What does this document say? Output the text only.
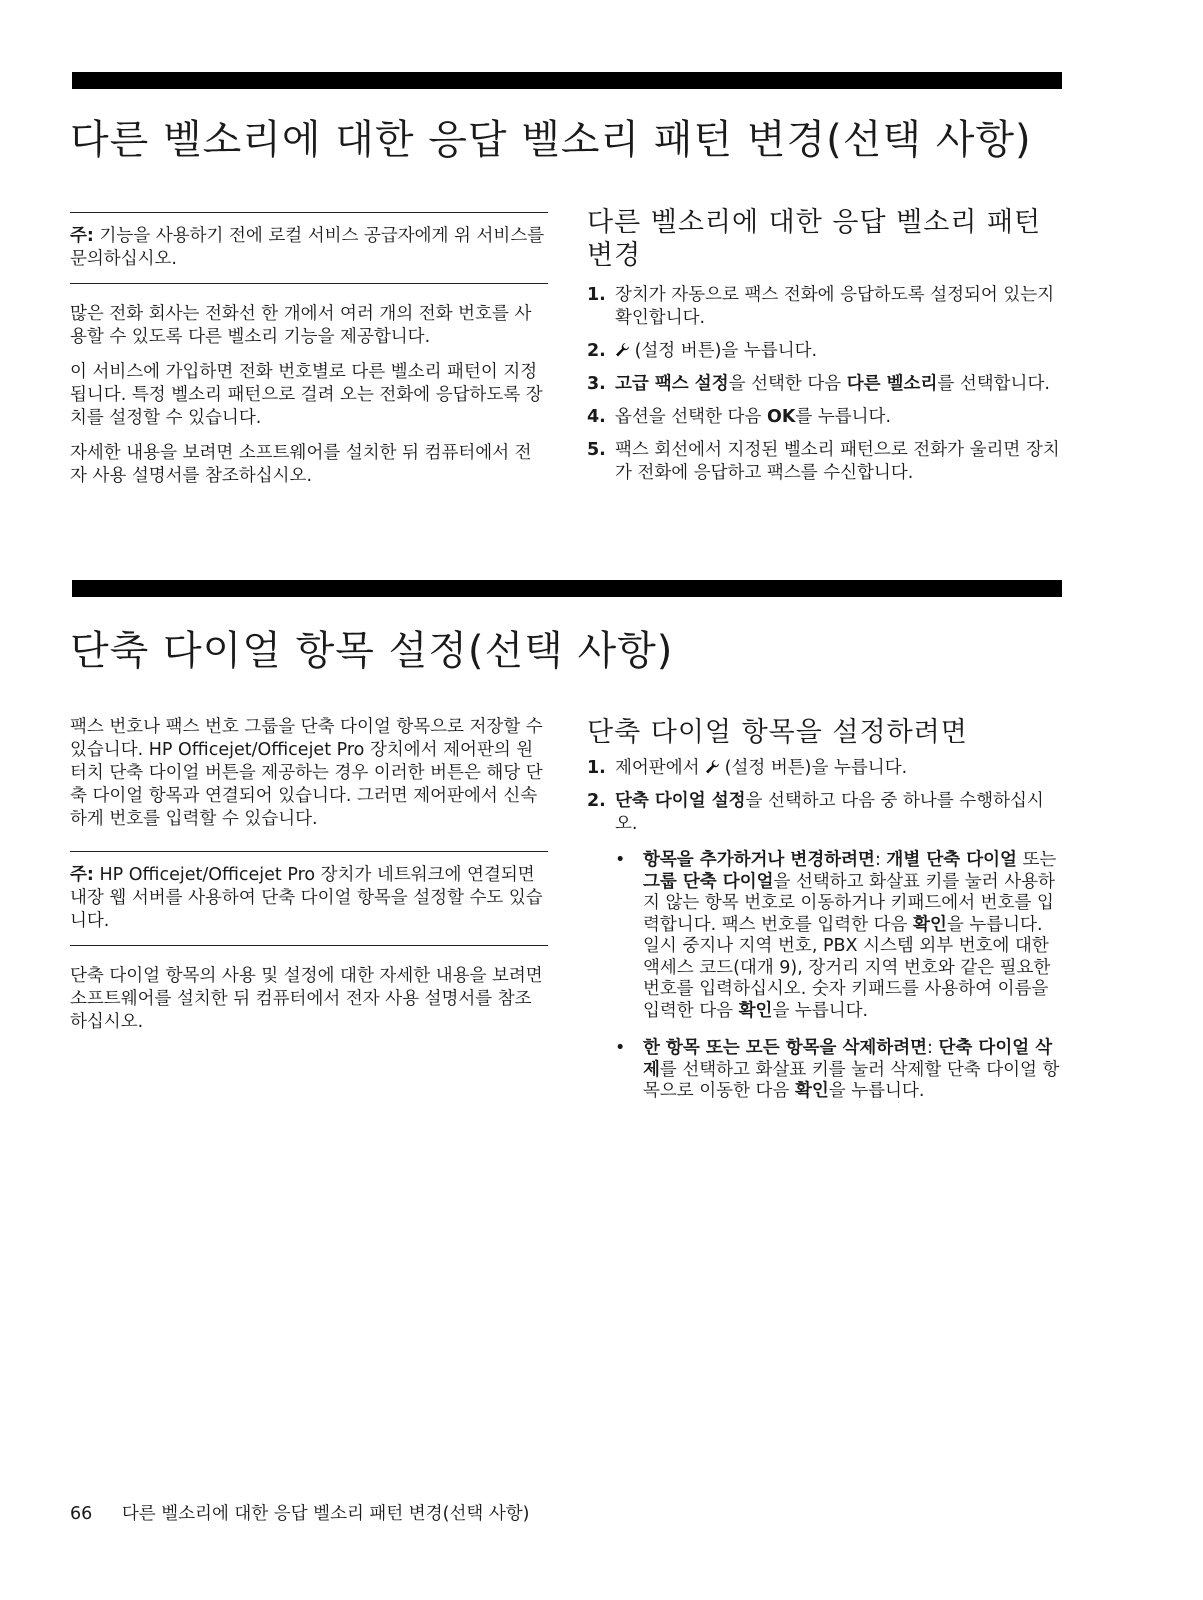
다른 벨소리에 대한 응답 벨소리 패턴 변경(선택 사항)
주: 기능을 사용하기 전에 로컬 서비스 공급자에게 위 서비스를 문의하십시오.

많은 전화 회사는 전화선 한 개에서 여러 개의 전화 번호를 사용할 수 있도록 다른 벨소리 기능을 제공합니다.

이 서비스에 가입하면 전화 번호별로 다른 벨소리 패턴이 지정됩니다. 특정 벨소리 패턴으로 걸려 오는 전화에 응답하도록 장치를 설정할 수 있습니다.

자세한 내용을 보려면 소프트웨어를 설치한 뒤 컴퓨터에서 전자 사용 설명서를 참조하십시오.

다른 벨소리에 대한 응답 벨소리 패턴 변경
1. 장치가 자동으로 팩스 전화에 응답하도록 설정되어 있는지 확인합니다.
2. (설정 버튼)을 누릅니다.
3. 고급 팩스 설정을 선택한 다음 다른 벨소리를 선택합니다.
4. 옵션을 선택한 다음 OK를 누릅니다.
5. 팩스 회선에서 지정된 벨소리 패턴으로 전화가 울리면 장치가 전화에 응답하고 팩스를 수신합니다.
단축 다이얼 항목 설정(선택 사항)

팩스 번호나 팩스 번호 그룹을 단축 다이얼 항목으로 저장할 수 있습니다. HP Officejet/Officejet Pro 장치에서 제어판의 원터치 단축 다이얼 버튼을 제공하는 경우 이러한 버튼은 해당 단축 다이얼 항목과 연결되어 있습니다. 그러면 제어판에서 신속하게 번호를 입력할 수 있습니다.

주: HP Officejet/Officejet Pro 장치가 네트워크에 연결되면 내장 웹 서버를 사용하여 단축 다이얼 항목을 설정할 수도 있습니다.

단축 다이얼 항목의 사용 및 설정에 대한 자세한 내용을 보려면 소프트웨어를 설치한 뒤 컴퓨터에서 전자 사용 설명서를 참조하십시오.

단축 다이얼 항목을 설정하려면
1. 제어판에서  (설정 버튼)을 누릅니다.
2. 단축 다이얼 설정을 선택하고 다음 중 하나를 수행하십시오.
• 항목을 추가하거나 변경하려면: 개별 단축 다이얼 또는 그룹 단축 다이얼을 선택하고 화살표 키를 눌러 사용하지 않는 항목 번호로 이동하거나 키패드에서 번호를 입력합니다. 팩스 번호를 입력한 다음 확인을 누릅니다. 일시 중지나 지역 번호, PBX 시스템 외부 번호에 대한 액세스 코드(대개 9), 장거리 지역 번호와 같은 필요한 번호를 입력하십시오. 숫자 키패드를 사용하여 이름을 입력한 다음 확인을 누릅니다.
• 한 항목 또는 모든 항목을 삭제하려면: 단축 다이얼 삭제를 선택하고 화살표 키를 눌러 삭제할 단축 다이얼 항목으로 이동한 다음 확인을 누릅니다.
66 다른 벨소리에 대한 응답 벨소리 패턴 변경(선택 사항)
